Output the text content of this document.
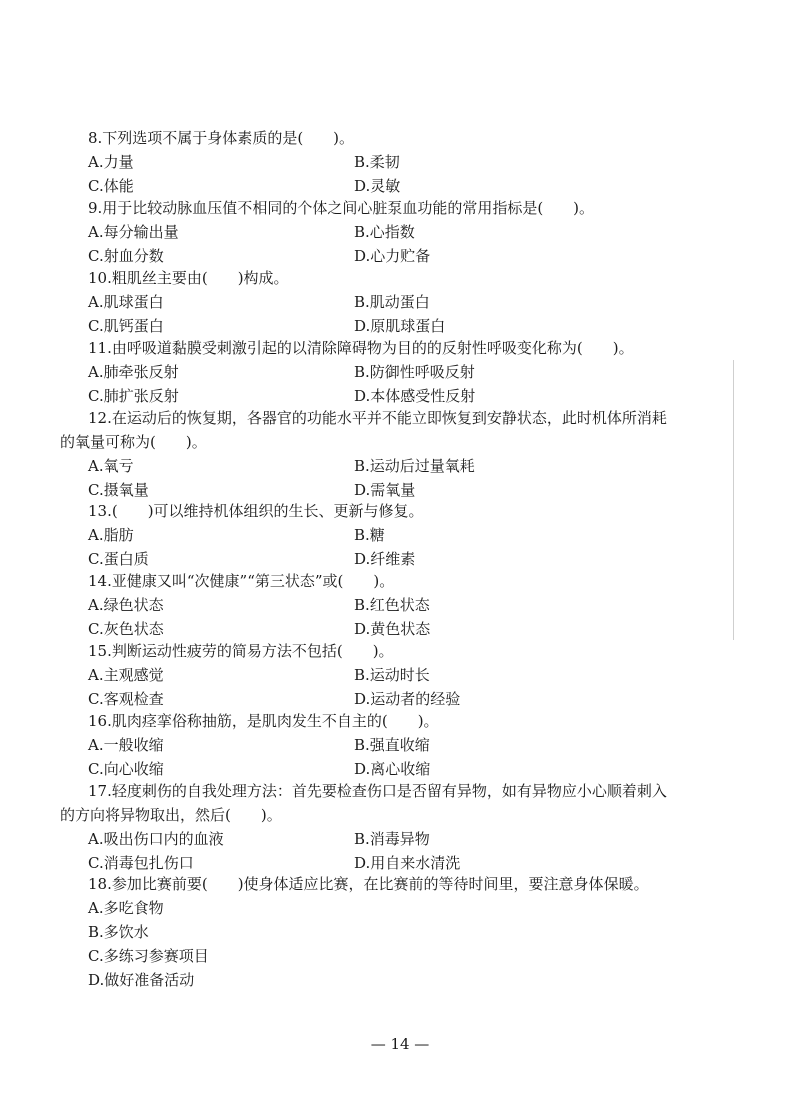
8.下列选项不属于身体素质的是(　　)。
A.力量	B.柔韧
C.体能	D.灵敏
9.用于比较动脉血压值不相同的个体之间心脏泵血功能的常用指标是(　　)。
A.每分输出量	B.心指数
C.射血分数	D.心力贮备
10.粗肌丝主要由(　　)构成。
A.肌球蛋白	B.肌动蛋白
C.肌钙蛋白	D.原肌球蛋白
11.由呼吸道黏膜受刺激引起的以清除障碍物为目的的反射性呼吸变化称为(　　)。
A.肺牵张反射	B.防御性呼吸反射
C.肺扩张反射	D.本体感受性反射
12.在运动后的恢复期，各器官的功能水平并不能立即恢复到安静状态，此时机体所消耗
的氧量可称为(　　)。
A.氧亏	B.运动后过量氧耗
C.摄氧量	D.需氧量
13.(　　)可以维持机体组织的生长、更新与修复。
A.脂肪	B.糖
C.蛋白质	D.纤维素
14.亚健康又叫“次健康”“第三状态”或(　　)。
A.绿色状态	B.红色状态
C.灰色状态	D.黄色状态
15.判断运动性疲劳的简易方法不包括(　　)。
A.主观感觉	B.运动时长
C.客观检查	D.运动者的经验
16.肌肉痉挛俗称抽筋，是肌肉发生不自主的(　　)。
A.一般收缩	B.强直收缩
C.向心收缩	D.离心收缩
17.轻度刺伤的自我处理方法：首先要检查伤口是否留有异物，如有异物应小心顺着刺入
的方向将异物取出，然后(　　)。
A.吸出伤口内的血液	B.消毒异物
C.消毒包扎伤口	D.用自来水清洗
18.参加比赛前要(　　)使身体适应比赛，在比赛前的等待时间里，要注意身体保暖。
A.多吃食物
B.多饮水
C.多练习参赛项目
D.做好准备活动
— 14 —
